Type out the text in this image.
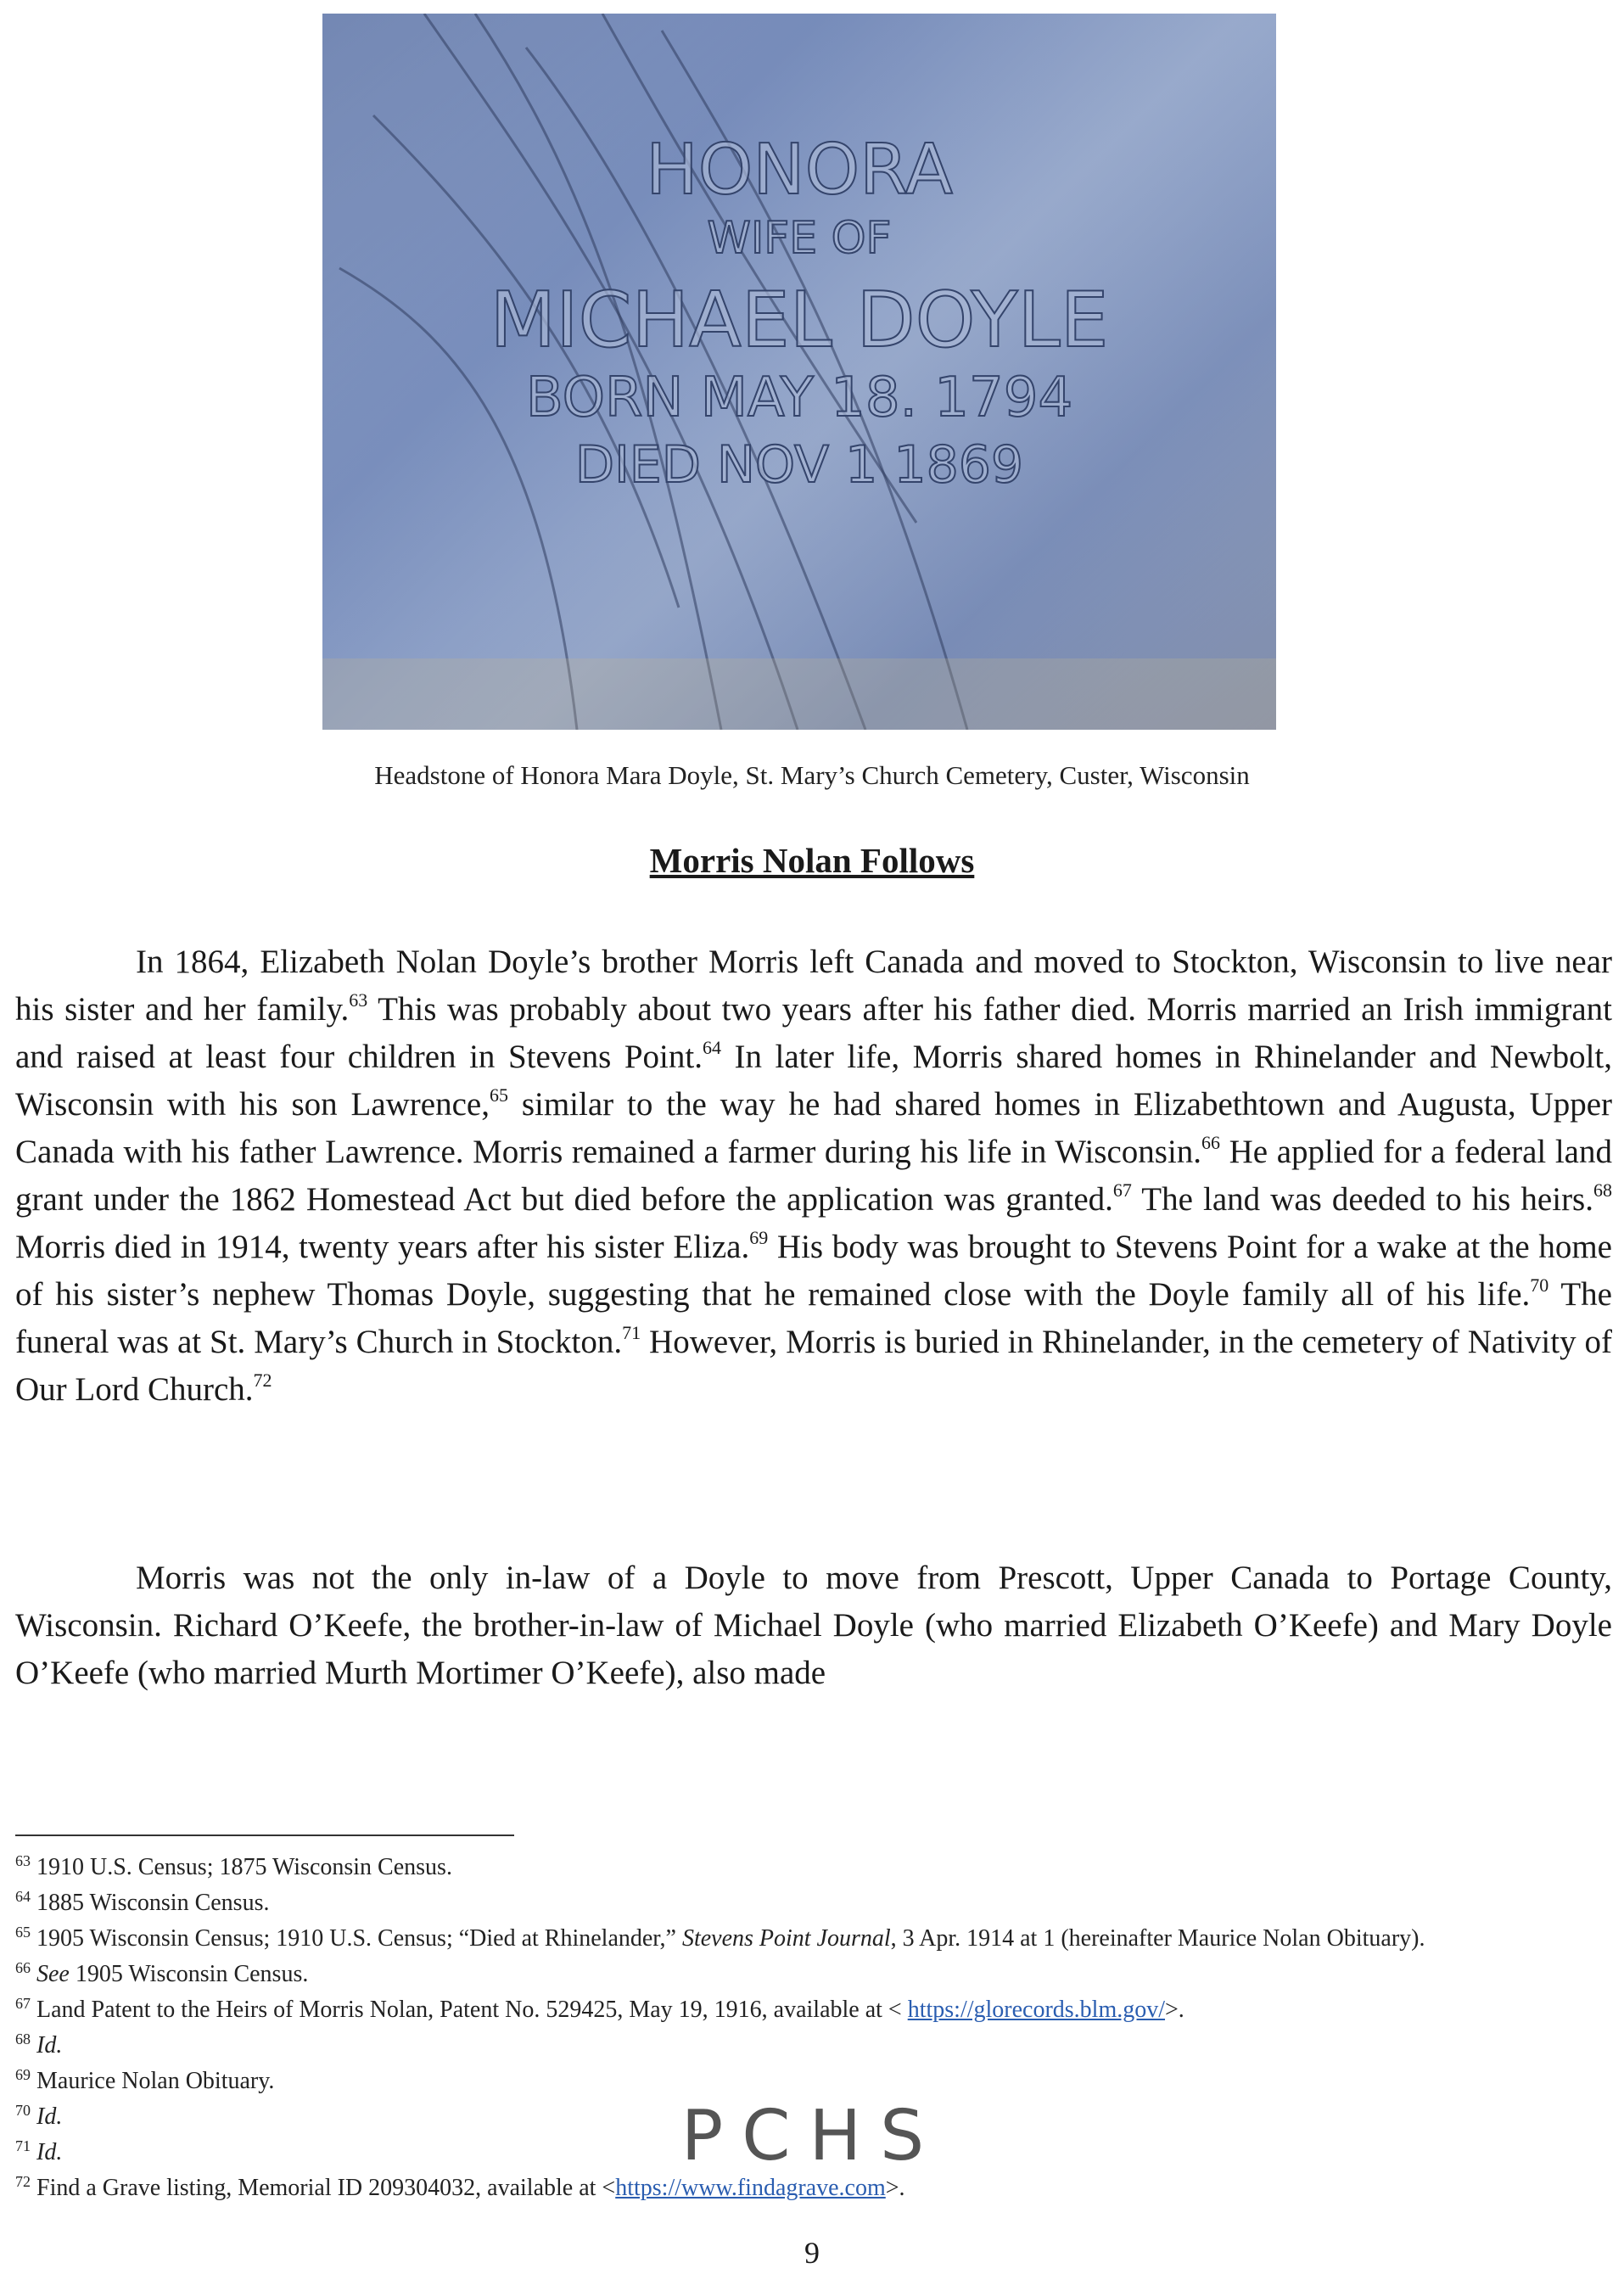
HONORA
WIFE OF
MICHAEL DOYLE
BORN MAY 18. 1794
DIED NOV 1 1869
Headstone of Honora Mara Doyle, St. Mary’s Church Cemetery, Custer, Wisconsin
Morris Nolan Follows
In 1864, Elizabeth Nolan Doyle’s brother Morris left Canada and moved to Stockton, Wisconsin to live near his sister and her family.$^{63}$ This was probably about two years after his father died. Morris married an Irish immigrant and raised at least four children in Stevens Point.$^{64}$ In later life, Morris shared homes in Rhinelander and Newbolt, Wisconsin with his son Lawrence,$^{65}$ similar to the way he had shared homes in Elizabethtown and Augusta, Upper Canada with his father Lawrence. Morris remained a farmer during his life in Wisconsin.$^{66}$ He applied for a federal land grant under the 1862 Homestead Act but died before the application was granted.$^{67}$ The land was deeded to his heirs.$^{68}$ Morris died in 1914, twenty years after his sister Eliza.$^{69}$ His body was brought to Stevens Point for a wake at the home of his sister’s nephew Thomas Doyle, suggesting that he remained close with the Doyle family all of his life.$^{70}$ The funeral was at St. Mary’s Church in Stockton.$^{71}$ However, Morris is buried in Rhinelander, in the cemetery of Nativity of Our Lord Church.$^{72}$
Morris was not the only in-law of a Doyle to move from Prescott, Upper Canada to Portage County, Wisconsin. Richard O’Keefe, the brother-in-law of Michael Doyle (who married Elizabeth O’Keefe) and Mary Doyle O’Keefe (who married Murth Mortimer O’Keefe), also made
$^{63}$ 1910 U.S. Census; 1875 Wisconsin Census.
$^{64}$ 1885 Wisconsin Census.
$^{65}$ 1905 Wisconsin Census; 1910 U.S. Census; “Died at Rhinelander,” Stevens Point Journal, 3 Apr. 1914 at 1 (hereinafter Maurice Nolan Obituary).
$^{66}$ See 1905 Wisconsin Census.
$^{67}$ Land Patent to the Heirs of Morris Nolan, Patent No. 529425, May 19, 1916, available at < https://glorecords.blm.gov/>.
$^{68}$ Id.
$^{69}$ Maurice Nolan Obituary.
$^{70}$ Id.
$^{71}$ Id.
$^{72}$ Find a Grave listing, Memorial ID 209304032, available at <https://www.findagrave.com>.
PCHS
9
